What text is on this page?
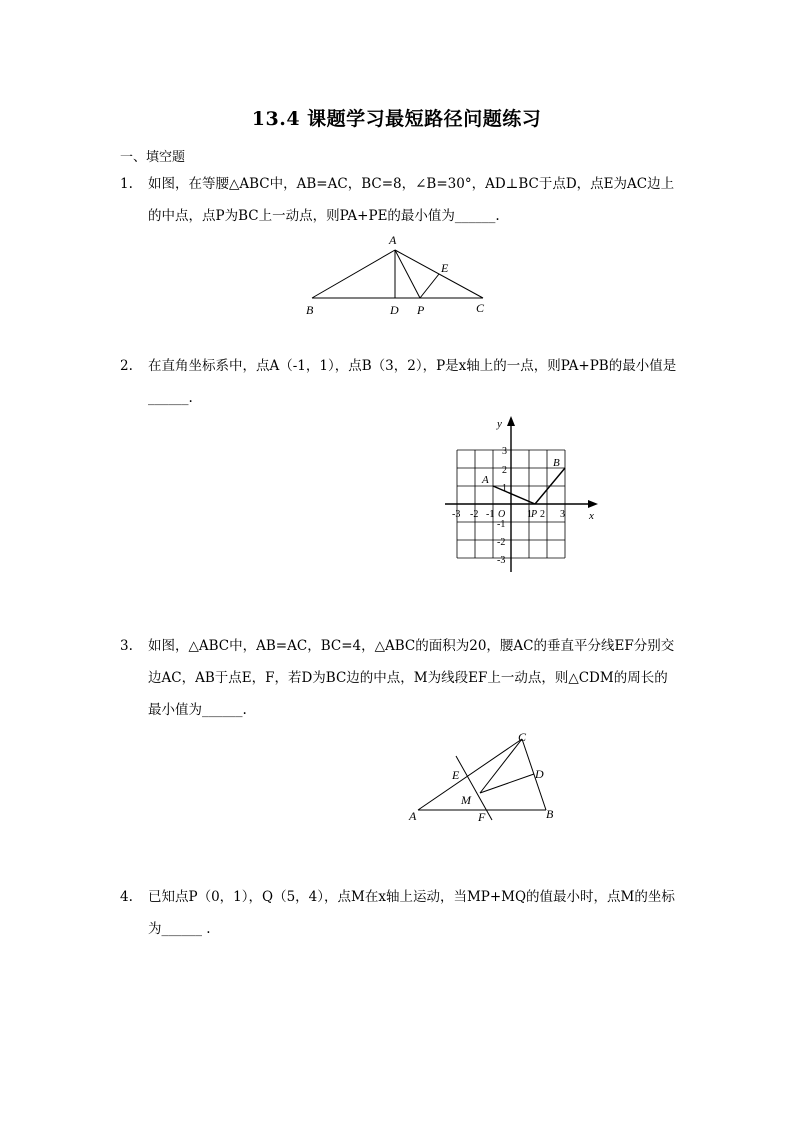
13.4 课题学习最短路径问题练习
一、填空题
1.	如图，在等腰△ABC中，AB=AC，BC=8，∠B=30°，AD⊥BC于点D，点E为AC边上的中点，点P为BC上一动点，则PA+PE的最小值为______.
A
B	D P	C
E
2.	在直角坐标系中，点A（-1，1），点B（3，2），P是x轴上的一点，则PA+PB的最小值是______.
y
x
A
B
-3 -2 -1 O 1 P 2 3
3
2
1
-1
-2
-3
3.	如图，△ABC中，AB=AC，BC=4，△ABC的面积为20，腰AC的垂直平分线EF分别交边AC，AB于点E，F，若D为BC边的中点，M为线段EF上一动点，则△CDM的周长的最小值为______.
C
E	D
M
A	F	B
4.	已知点P（0，1），Q（5，4），点M在x轴上运动，当MP+MQ的值最小时，点M的坐标为______ .
